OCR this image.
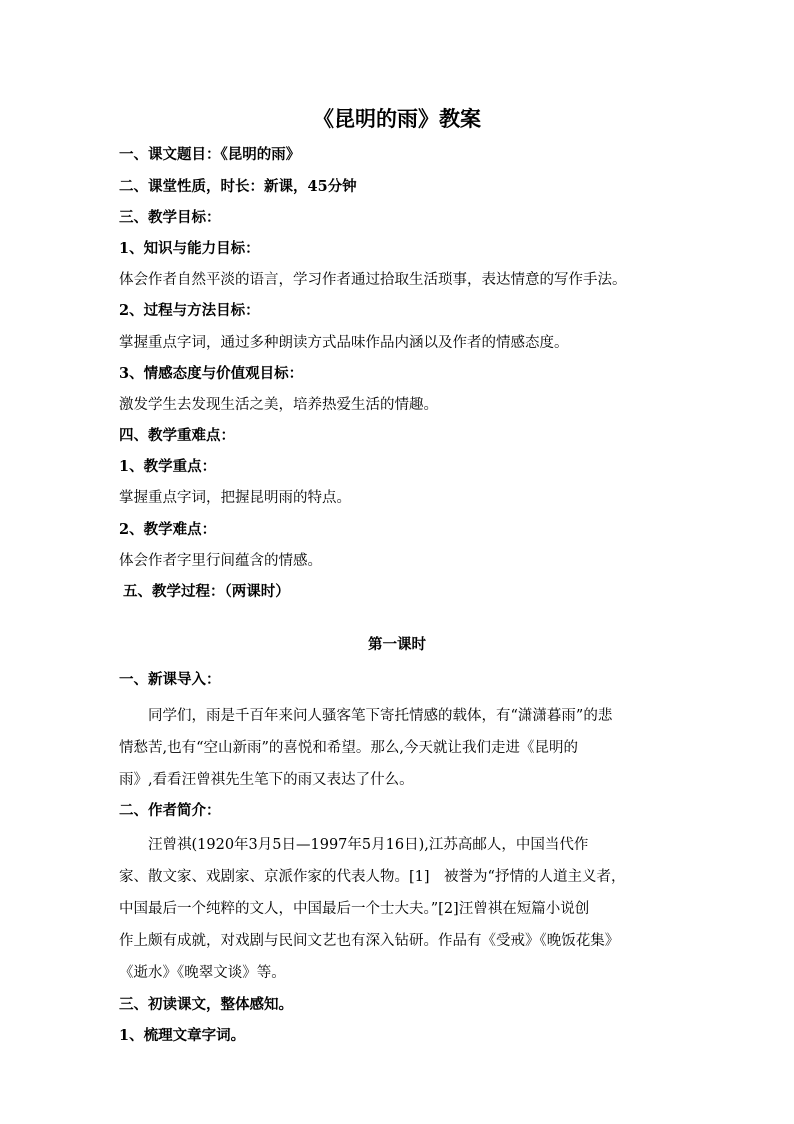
《昆明的雨》教案
一、课文题目：《昆明的雨》
二、课堂性质，时长：新课，45分钟
三、教学目标：
1、知识与能力目标：
体会作者自然平淡的语言，学习作者通过拾取生活琐事，表达情意的写作手法。
2、过程与方法目标：
掌握重点字词，通过多种朗读方式品味作品内涵以及作者的情感态度。
3、情感态度与价值观目标：
激发学生去发现生活之美，培养热爱生活的情趣。
四、教学重难点：
1、教学重点：
掌握重点字词，把握昆明雨的特点。
2、教学难点：
体会作者字里行间蕴含的情感。
五、教学过程：（两课时）
第一课时
一、新课导入：

　　同学们，雨是千百年来问人骚客笔下寄托情感的载体，有“潇潇暮雨”的悲

情愁苦,也有“空山新雨”的喜悦和希望。那么,今天就让我们走进《昆明的

雨》,看看汪曾祺先生笔下的雨又表达了什么。

二、作者简介：

　　汪曾祺(1920年3月5日—1997年5月16日),江苏高邮人，中国当代作

家、散文家、戏剧家、京派作家的代表人物。[1]　被誉为“抒情的人道主义者，

中国最后一个纯粹的文人，中国最后一个士大夫。”[2]汪曾祺在短篇小说创

作上颇有成就，对戏剧与民间文艺也有深入钻研。作品有《受戒》《晚饭花集》

《逝水》《晚翠文谈》等。

三、初读课文，整体感知。
1、梳理文章字词。
